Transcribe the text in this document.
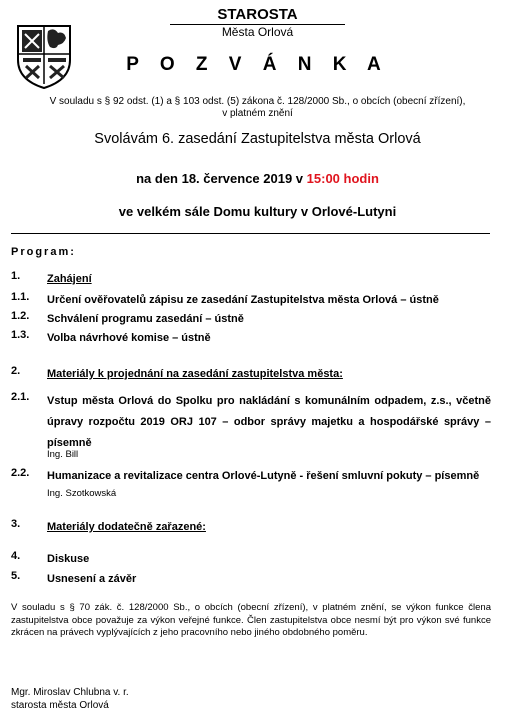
STAROSTA
Města Orlová
P O Z V Á N K A
V souladu s § 92 odst. (1) a § 103 odst. (5) zákona č. 128/2000 Sb., o obcích (obecní zřízení),
v platném znění
Svolávám 6. zasedání Zastupitelstva města Orlová
na den 18. července 2019 v 15:00 hodin
ve velkém sále Domu kultury v Orlové-Lutyni
Program:
1. Zahájení
1.1. Určení ověřovatelů zápisu ze zasedání Zastupitelstva města Orlová – ústně
1.2. Schválení programu zasedání – ústně
1.3. Volba návrhové komise – ústně
2. Materiály k projednání na zasedání zastupitelstva města:
2.1. Vstup města Orlová do Spolku pro nakládání s komunálním odpadem, z.s., včetně úpravy rozpočtu 2019 ORJ 107 – odbor správy majetku a hospodářské správy – písemně
Ing. Bill
2.2. Humanizace a revitalizace centra Orlové-Lutyně - řešení smluvní pokuty – písemně
Ing. Szotkowská
3. Materiály dodatečně zařazené:
4. Diskuse
5. Usnesení a závěr
V souladu s § 70 zák. č. 128/2000 Sb., o obcích (obecní zřízení), v platném znění, se výkon funkce člena zastupitelstva obce považuje za výkon veřejné funkce. Člen zastupitelstva obce nesmí být pro výkon své funkce zkrácen na právech vyplývajících z jeho pracovního nebo jiného obdobného poměru.
Mgr. Miroslav Chlubna v. r.
starosta města Orlová
